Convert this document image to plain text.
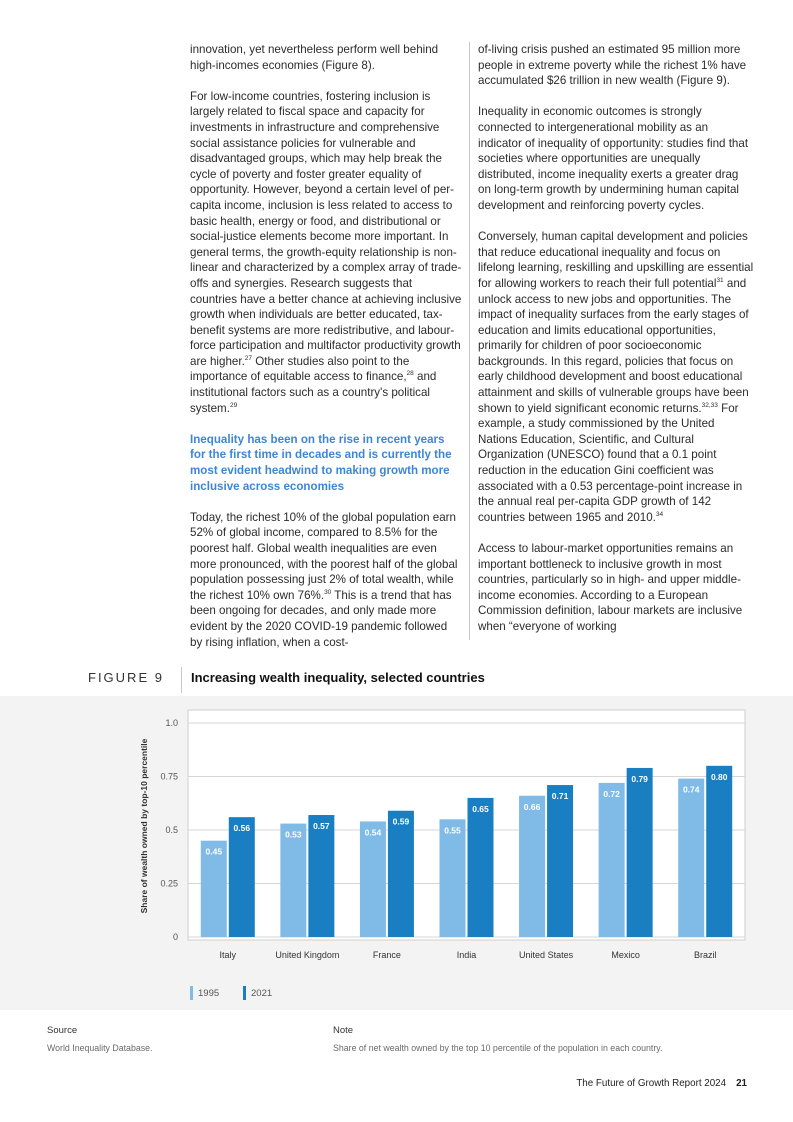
innovation, yet nevertheless perform well behind high-incomes economies (Figure 8).

For low-income countries, fostering inclusion is largely related to fiscal space and capacity for investments in infrastructure and comprehensive social assistance policies for vulnerable and disadvantaged groups, which may help break the cycle of poverty and foster greater equality of opportunity. However, beyond a certain level of per-capita income, inclusion is less related to access to basic health, energy or food, and distributional or social-justice elements become more important. In general terms, the growth-equity relationship is non-linear and characterized by a complex array of trade-offs and synergies. Research suggests that countries have a better chance at achieving inclusive growth when individuals are better educated, tax-benefit systems are more redistributive, and labour-force participation and multifactor productivity growth are higher.$^{27}$ Other studies also point to the importance of equitable access to finance,$^{28}$ and institutional factors such as a country's political system.$^{29}$

Inequality has been on the rise in recent years for the first time in decades and is currently the most evident headwind to making growth more inclusive across economies

Today, the richest 10% of the global population earn 52% of global income, compared to 8.5% for the poorest half. Global wealth inequalities are even more pronounced, with the poorest half of the global population possessing just 2% of total wealth, while the richest 10% own 76%.$^{30}$ This is a trend that has been ongoing for decades, and only made more evident by the 2020 COVID-19 pandemic followed by rising inflation, when a cost-

of-living crisis pushed an estimated 95 million more people in extreme poverty while the richest 1% have accumulated $26 trillion in new wealth (Figure 9).

Inequality in economic outcomes is strongly connected to intergenerational mobility as an indicator of inequality of opportunity: studies find that societies where opportunities are unequally distributed, income inequality exerts a greater drag on long-term growth by undermining human capital development and reinforcing poverty cycles.

Conversely, human capital development and policies that reduce educational inequality and focus on lifelong learning, reskilling and upskilling are essential for allowing workers to reach their full potential$^{31}$ and unlock access to new jobs and opportunities. The impact of inequality surfaces from the early stages of education and limits educational opportunities, primarily for children of poor socioeconomic backgrounds. In this regard, policies that focus on early childhood development and boost educational attainment and skills of vulnerable groups have been shown to yield significant economic returns.$^{32,33}$ For example, a study commissioned by the United Nations Education, Scientific, and Cultural Organization (UNESCO) found that a 0.1 point reduction in the education Gini coefficient was associated with a 0.53 percentage-point increase in the annual real per-capita GDP growth of 142 countries between 1965 and 2010.34

Access to labour-market opportunities remains an important bottleneck to inclusive growth in most countries, particularly so in high- and upper middle-income economies. According to a European Commission definition, labour markets are inclusive when “everyone of working

FIGURE 9 Increasing wealth inequality, selected countries
0
0.25
0.5
0.75
1.0
0.45
0.56
Italy
0.53
0.57
United Kingdom
0.54
0.59
France
0.55
0.65
India
0.66
0.71
United States
0.72
0.79
Mexico
0.74
0.80
Brazil
Share of wealth owned by top-10 percentile
1995	2021
Source
World Inequality Database.
Note
Share of net wealth owned by the top 10 percentile of the population in each country.
The Future of Growth Report 2024 21
